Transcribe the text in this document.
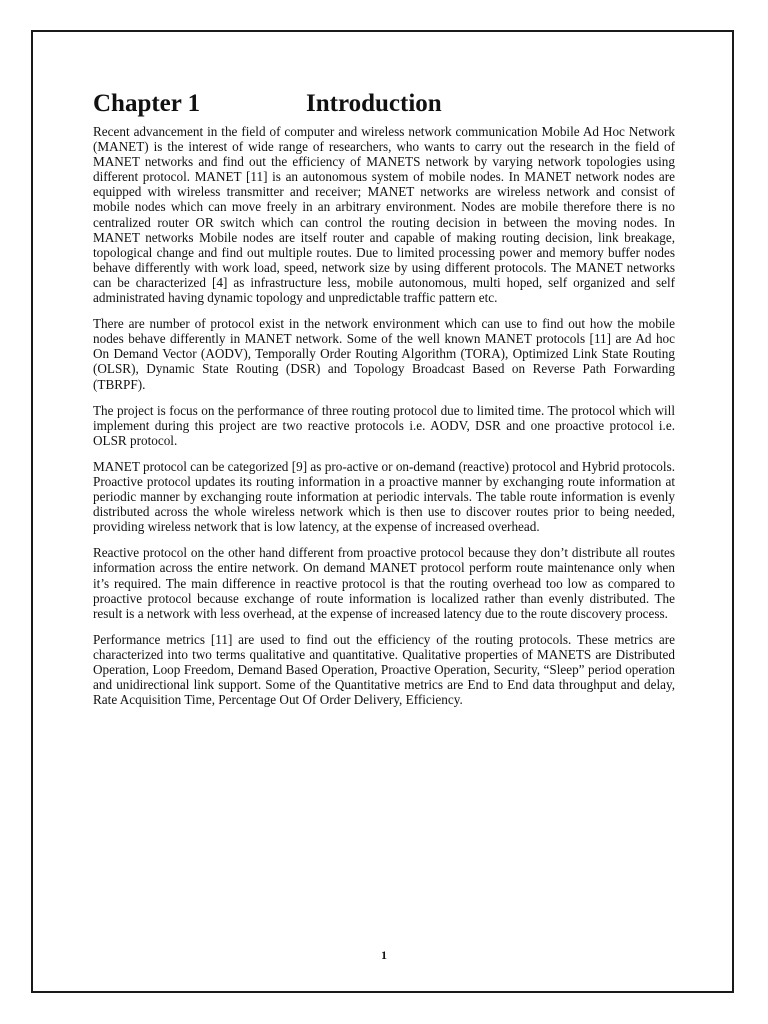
Chapter 1	Introduction

Recent advancement in the field of computer and wireless network communication Mobile Ad Hoc Network (MANET) is the interest of wide range of researchers, who wants to carry out the research in the field of MANET networks and find out the efficiency of MANETS network by varying network topologies using different protocol. MANET [11] is an autonomous system of mobile nodes. In MANET network nodes are equipped with wireless transmitter and receiver; MANET networks are wireless network and consist of mobile nodes which can move freely in an arbitrary environment. Nodes are mobile therefore there is no centralized router OR switch which can control the routing decision in between the moving nodes. In MANET networks Mobile nodes are itself router and capable of making routing decision, link breakage, topological change and find out multiple routes. Due to limited processing power and memory buffer nodes behave differently with work load, speed, network size by using different protocols. The MANET networks can be characterized [4] as infrastructure less, mobile autonomous, multi hoped, self organized and self administrated having dynamic topology and unpredictable traffic pattern etc.

There are number of protocol exist in the network environment which can use to find out how the mobile nodes behave differently in MANET network. Some of the well known MANET protocols [11] are Ad hoc On Demand Vector (AODV), Temporally Order Routing Algorithm (TORA), Optimized Link State Routing (OLSR), Dynamic State Routing (DSR) and Topology Broadcast Based on Reverse Path Forwarding (TBRPF).

The project is focus on the performance of three routing protocol due to limited time. The protocol which will implement during this project are two reactive protocols i.e. AODV, DSR and one proactive protocol i.e. OLSR protocol.

MANET protocol can be categorized [9] as pro-active or on-demand (reactive) protocol and Hybrid protocols. Proactive protocol updates its routing information in a proactive manner by exchanging route information at periodic manner by exchanging route information at periodic intervals. The table route information is evenly distributed across the whole wireless network which is then use to discover routes prior to being needed, providing wireless network that is low latency, at the expense of increased overhead.

Reactive protocol on the other hand different from proactive protocol because they don’t distribute all routes information across the entire network. On demand MANET protocol perform route maintenance only when it’s required. The main difference in reactive protocol is that the routing overhead too low as compared to proactive protocol because exchange of route information is localized rather than evenly distributed. The result is a network with less overhead, at the expense of increased latency due to the route discovery process.

Performance metrics [11] are used to find out the efficiency of the routing protocols. These metrics are characterized into two terms qualitative and quantitative. Qualitative properties of MANETS are Distributed Operation, Loop Freedom, Demand Based Operation, Proactive Operation, Security, “Sleep” period operation and unidirectional link support. Some of the Quantitative metrics are End to End data throughput and delay, Rate Acquisition Time, Percentage Out Of Order Delivery, Efficiency.

1
